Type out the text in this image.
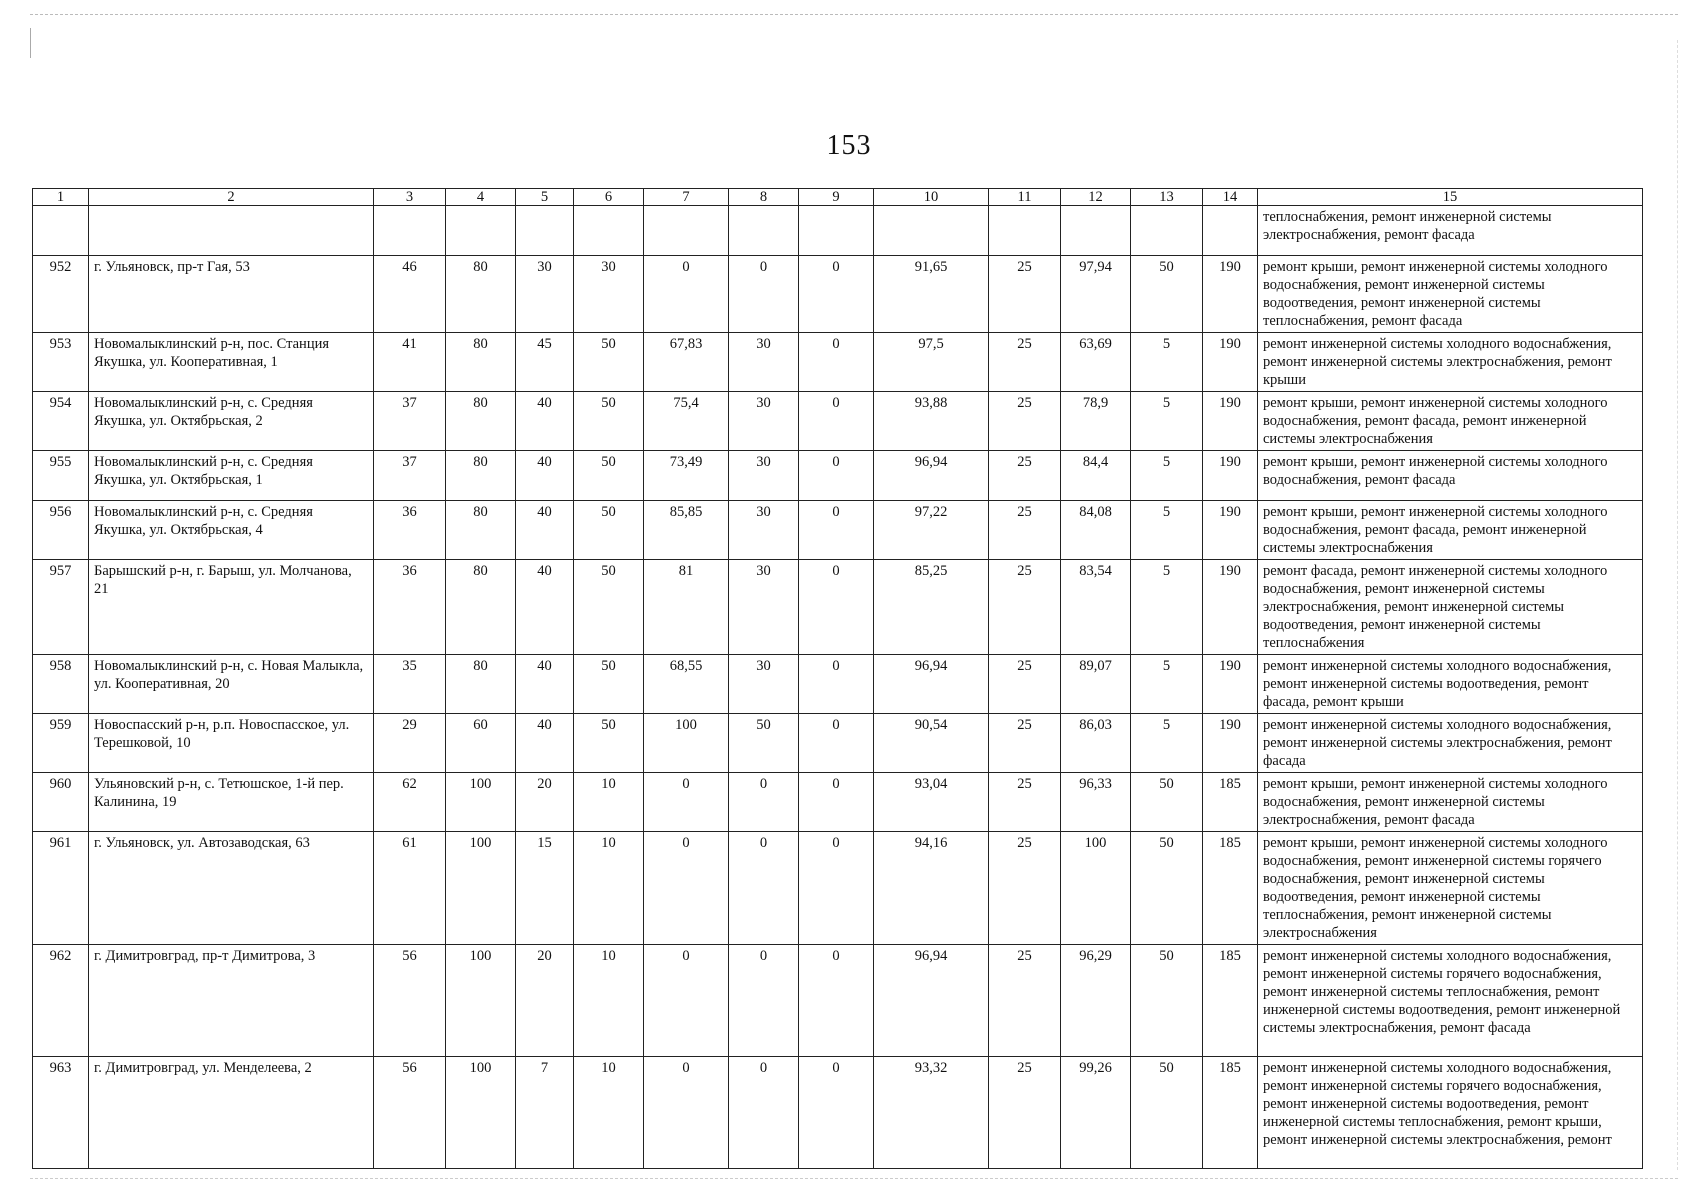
153
1	2	3	4	5	6	7	8	9	10	11	12	13	14	15
														теплоснабжения, ремонт инженерной системы электроснабжения, ремонт фасада
952	г. Ульяновск, пр-т Гая, 53	46	80	30	30	0	0	0	91,65	25	97,94	50	190	ремонт крыши, ремонт инженерной системы холодного водоснабжения, ремонт инженерной системы водоотведения, ремонт инженерной системы теплоснабжения, ремонт фасада
953	Новомалыклинский р-н, пос. Станция Якушка, ул. Кооперативная, 1	41	80	45	50	67,83	30	0	97,5	25	63,69	5	190	ремонт инженерной системы холодного водоснабжения, ремонт инженерной системы электроснабжения, ремонт крыши
954	Новомалыклинский р-н, с. Средняя Якушка, ул. Октябрьская, 2	37	80	40	50	75,4	30	0	93,88	25	78,9	5	190	ремонт крыши, ремонт инженерной системы холодного водоснабжения, ремонт фасада, ремонт инженерной системы электроснабжения
955	Новомалыклинский р-н, с. Средняя Якушка, ул. Октябрьская, 1	37	80	40	50	73,49	30	0	96,94	25	84,4	5	190	ремонт крыши, ремонт инженерной системы холодного водоснабжения, ремонт фасада
956	Новомалыклинский р-н, с. Средняя Якушка, ул. Октябрьская, 4	36	80	40	50	85,85	30	0	97,22	25	84,08	5	190	ремонт крыши, ремонт инженерной системы холодного водоснабжения, ремонт фасада, ремонт инженерной системы электроснабжения
957	Барышский р-н, г. Барыш, ул. Молчанова, 21	36	80	40	50	81	30	0	85,25	25	83,54	5	190	ремонт фасада, ремонт инженерной системы холодного водоснабжения, ремонт инженерной системы электроснабжения, ремонт инженерной системы водоотведения, ремонт инженерной системы теплоснабжения
958	Новомалыклинский р-н, с. Новая Малыкла, ул. Кооперативная, 20	35	80	40	50	68,55	30	0	96,94	25	89,07	5	190	ремонт инженерной системы холодного водоснабжения, ремонт инженерной системы водоотведения, ремонт фасада, ремонт крыши
959	Новоспасский р-н, р.п. Новоспасское, ул. Терешковой, 10	29	60	40	50	100	50	0	90,54	25	86,03	5	190	ремонт инженерной системы холодного водоснабжения, ремонт инженерной системы электроснабжения, ремонт фасада
960	Ульяновский р-н, с. Тетюшское, 1-й пер. Калинина, 19	62	100	20	10	0	0	0	93,04	25	96,33	50	185	ремонт крыши, ремонт инженерной системы холодного водоснабжения, ремонт инженерной системы электроснабжения, ремонт фасада
961	г. Ульяновск, ул. Автозаводская, 63	61	100	15	10	0	0	0	94,16	25	100	50	185	ремонт крыши, ремонт инженерной системы холодного водоснабжения, ремонт инженерной системы горячего водоснабжения, ремонт инженерной системы водоотведения, ремонт инженерной системы теплоснабжения, ремонт инженерной системы электроснабжения
962	г. Димитровград, пр-т Димитрова, 3	56	100	20	10	0	0	0	96,94	25	96,29	50	185	ремонт инженерной системы холодного водоснабжения, ремонт инженерной системы горячего водоснабжения, ремонт инженерной системы теплоснабжения, ремонт инженерной системы водоотведения, ремонт инженерной системы электроснабжения, ремонт фасада
963	г. Димитровград, ул. Менделеева, 2	56	100	7	10	0	0	0	93,32	25	99,26	50	185	ремонт инженерной системы холодного водоснабжения, ремонт инженерной системы горячего водоснабжения, ремонт инженерной системы водоотведения, ремонт инженерной системы теплоснабжения, ремонт крыши, ремонт инженерной системы электроснабжения, ремонт
